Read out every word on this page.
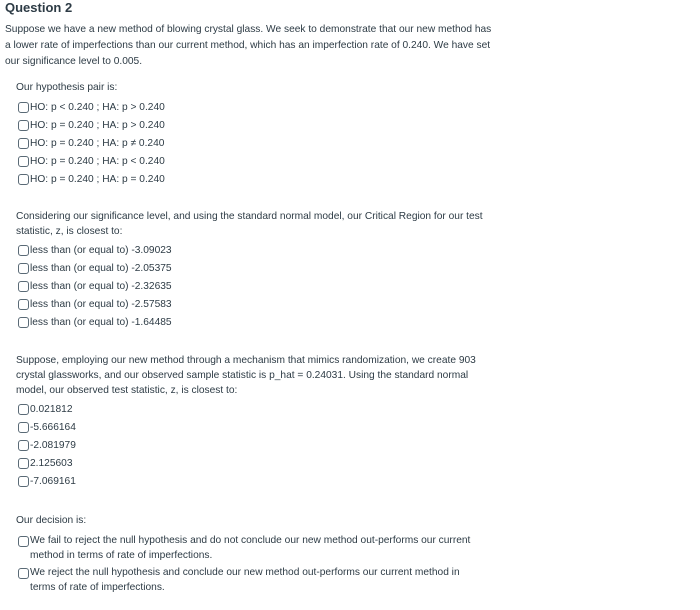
Question 2
Suppose we have a new method of blowing crystal glass. We seek to demonstrate that our new method has a lower rate of imperfections than our current method, which has an imperfection rate of 0.240. We have set our significance level to 0.005.

Our hypothesis pair is:

HO: p < 0.240 ; HA: p > 0.240
HO: p = 0.240 ; HA: p > 0.240
HO: p = 0.240 ; HA: p ≠ 0.240
HO: p = 0.240 ; HA: p < 0.240
HO: p = 0.240 ; HA: p = 0.240

Considering our significance level, and using the standard normal model, our Critical Region for our test statistic, z, is closest to:

less than (or equal to) -3.09023
less than (or equal to) -2.05375
less than (or equal to) -2.32635
less than (or equal to) -2.57583
less than (or equal to) -1.64485

Suppose, employing our new method through a mechanism that mimics randomization, we create 903 crystal glassworks, and our observed sample statistic is p_hat = 0.24031. Using the standard normal model, our observed test statistic, z, is closest to:

0.021812
-5.666164
-2.081979
2.125603
-7.069161

Our decision is:

We fail to reject the null hypothesis and do not conclude our new method out-performs our current method in terms of rate of imperfections.
We reject the null hypothesis and conclude our new method out-performs our current method in terms of rate of imperfections.
